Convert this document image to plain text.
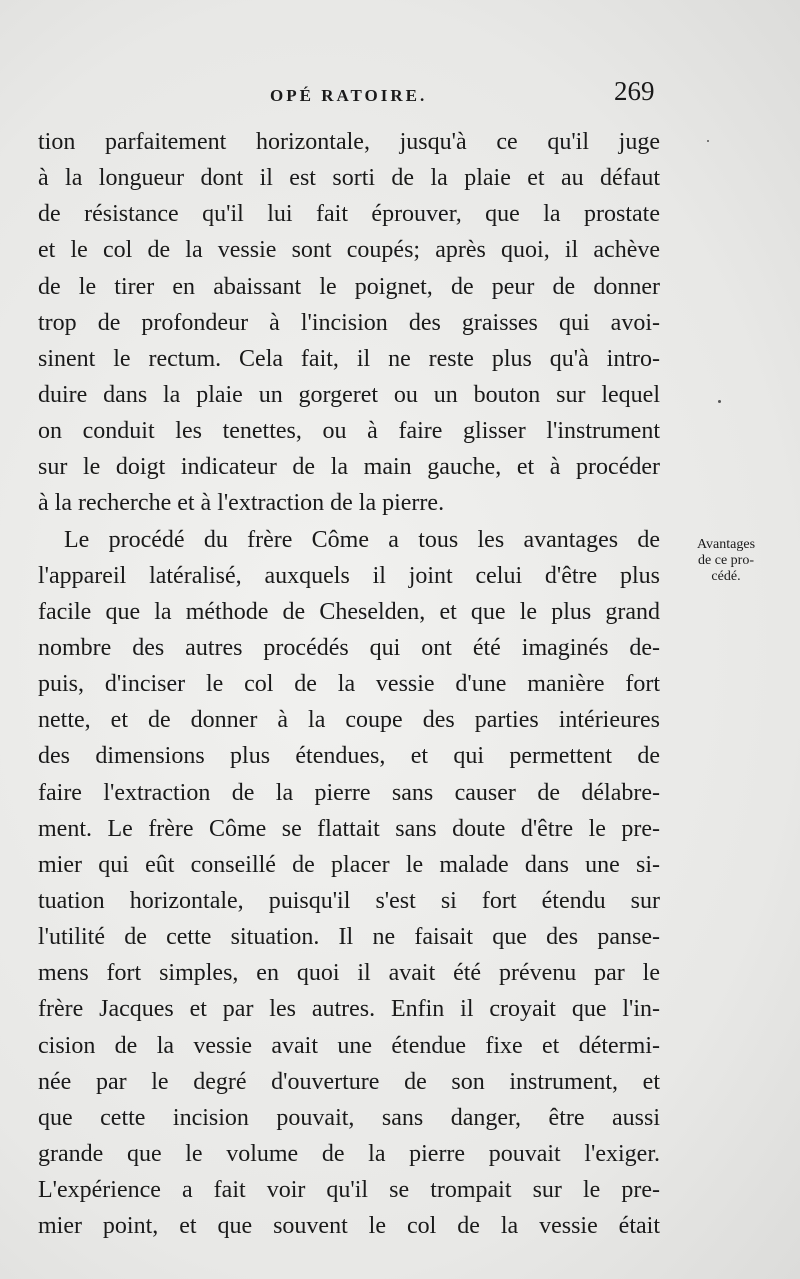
OPÉ RATOIRE.	269
tion parfaitement horizontale, jusqu'à ce qu'il juge
à la longueur dont il est sorti de la plaie et au défaut
de résistance qu'il lui fait éprouver, que la prostate
et le col de la vessie sont coupés; après quoi, il achève
de le tirer en abaissant le poignet, de peur de donner
trop de profondeur à l'incision des graisses qui avoi-
sinent le rectum. Cela fait, il ne reste plus qu'à intro-
duire dans la plaie un gorgeret ou un bouton sur lequel
on conduit les tenettes, ou à faire glisser l'instrument
sur le doigt indicateur de la main gauche, et à procéder
à la recherche et à l'extraction de la pierre.
Le procédé du frère Côme a tous les avantages de
l'appareil latéralisé, auxquels il joint celui d'être plus
facile que la méthode de Cheselden, et que le plus grand
nombre des autres procédés qui ont été imaginés de-
puis, d'inciser le col de la vessie d'une manière fort
nette, et de donner à la coupe des parties intérieures
des dimensions plus étendues, et qui permettent de
faire l'extraction de la pierre sans causer de délabre-
ment. Le frère Côme se flattait sans doute d'être le pre-
mier qui eût conseillé de placer le malade dans une si-
tuation horizontale, puisqu'il s'est si fort étendu sur
l'utilité de cette situation. Il ne faisait que des panse-
mens fort simples, en quoi il avait été prévenu par le
frère Jacques et par les autres. Enfin il croyait que l'in-
cision de la vessie avait une étendue fixe et détermi-
née par le degré d'ouverture de son instrument, et
que cette incision pouvait, sans danger, être aussi
grande que le volume de la pierre pouvait l'exiger.
L'expérience a fait voir qu'il se trompait sur le pre-
mier point, et que souvent le col de la vessie était
Avantages
de ce pro-
cédé.
